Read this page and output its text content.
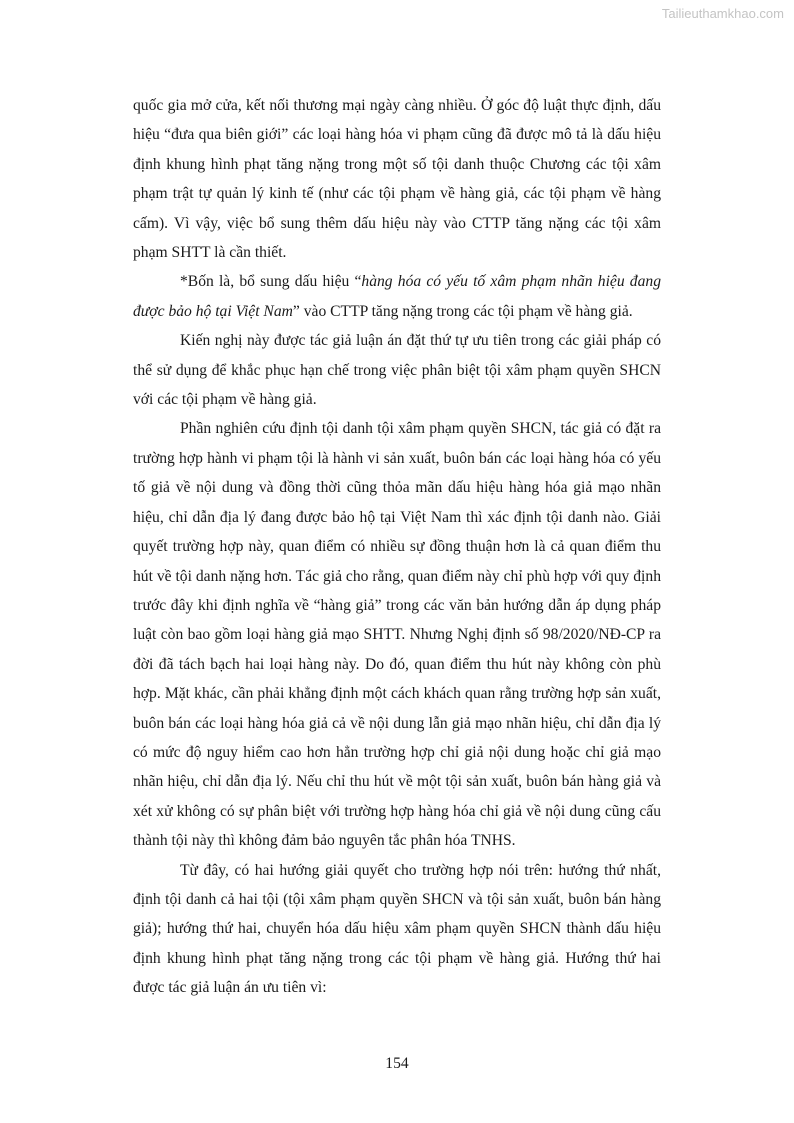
Tailieuthamkhao.com

quốc gia mở cửa, kết nối thương mại ngày càng nhiều. Ở góc độ luật thực định, dấu hiệu “đưa qua biên giới” các loại hàng hóa vi phạm cũng đã được mô tả là dấu hiệu định khung hình phạt tăng nặng trong một số tội danh thuộc Chương các tội xâm phạm trật tự quản lý kinh tế (như các tội phạm về hàng giả, các tội phạm về hàng cấm). Vì vậy, việc bổ sung thêm dấu hiệu này vào CTTP tăng nặng các tội xâm phạm SHTT là cần thiết.

*Bốn là, bổ sung dấu hiệu “hàng hóa có yếu tố xâm phạm nhãn hiệu đang được bảo hộ tại Việt Nam” vào CTTP tăng nặng trong các tội phạm về hàng giả.

Kiến nghị này được tác giả luận án đặt thứ tự ưu tiên trong các giải pháp có thể sử dụng để khắc phục hạn chế trong việc phân biệt tội xâm phạm quyền SHCN với các tội phạm về hàng giả.

Phần nghiên cứu định tội danh tội xâm phạm quyền SHCN, tác giả có đặt ra trường hợp hành vi phạm tội là hành vi sản xuất, buôn bán các loại hàng hóa có yếu tố giả về nội dung và đồng thời cũng thỏa mãn dấu hiệu hàng hóa giả mạo nhãn hiệu, chỉ dẫn địa lý đang được bảo hộ tại Việt Nam thì xác định tội danh nào. Giải quyết trường hợp này, quan điểm có nhiều sự đồng thuận hơn là cả quan điểm thu hút về tội danh nặng hơn. Tác giả cho rằng, quan điểm này chỉ phù hợp với quy định trước đây khi định nghĩa về “hàng giả” trong các văn bản hướng dẫn áp dụng pháp luật còn bao gồm loại hàng giả mạo SHTT. Nhưng Nghị định số 98/2020/NĐ-CP ra đời đã tách bạch hai loại hàng này. Do đó, quan điểm thu hút này không còn phù hợp. Mặt khác, cần phải khẳng định một cách khách quan rằng trường hợp sản xuất, buôn bán các loại hàng hóa giả cả về nội dung lẫn giả mạo nhãn hiệu, chỉ dẫn địa lý có mức độ nguy hiểm cao hơn hẳn trường hợp chỉ giả nội dung hoặc chỉ giả mạo nhãn hiệu, chỉ dẫn địa lý. Nếu chỉ thu hút về một tội sản xuất, buôn bán hàng giả và xét xử không có sự phân biệt với trường hợp hàng hóa chỉ giả về nội dung cũng cấu thành tội này thì không đảm bảo nguyên tắc phân hóa TNHS.

Từ đây, có hai hướng giải quyết cho trường hợp nói trên: hướng thứ nhất, định tội danh cả hai tội (tội xâm phạm quyền SHCN và tội sản xuất, buôn bán hàng giả); hướng thứ hai, chuyển hóa dấu hiệu xâm phạm quyền SHCN thành dấu hiệu định khung hình phạt tăng nặng trong các tội phạm về hàng giả. Hướng thứ hai được tác giả luận án ưu tiên vì:

154
